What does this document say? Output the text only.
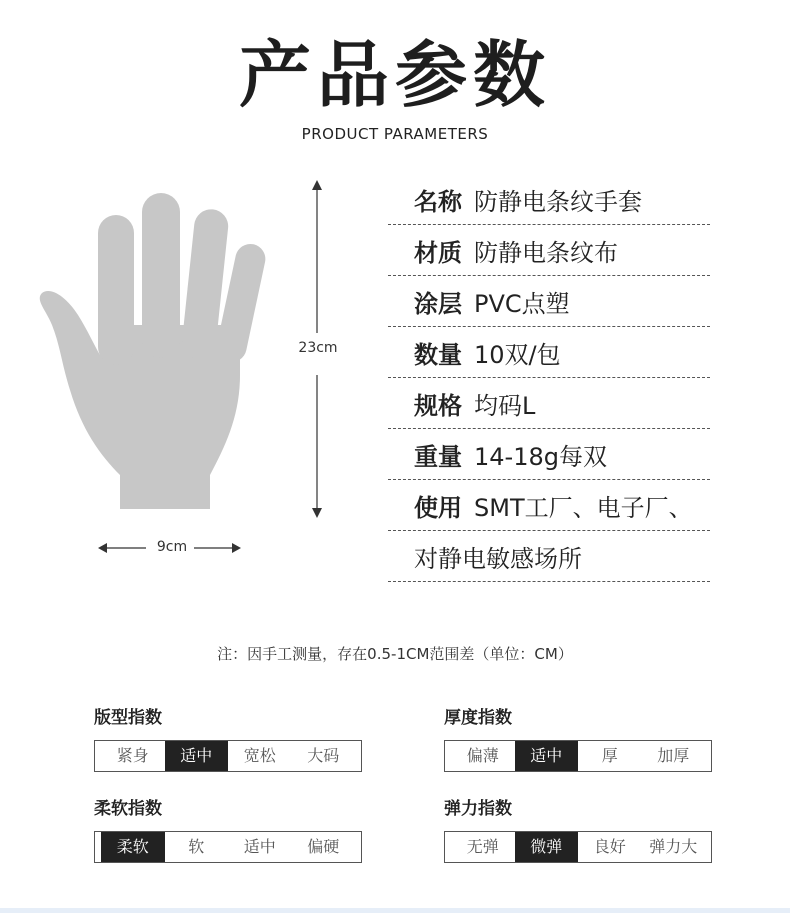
产品参数
PRODUCT PARAMETERS
23cm
9cm
名称 防静电条纹手套
材质 防静电条纹布
涂层 PVC点塑
数量 10双/包
规格 均码L
重量 14-18g每双
使用 SMT工厂、电子厂、
对静电敏感场所
注：因手工测量，存在0.5-1CM范围差（单位：CM）
版型指数
紧身	适中	宽松	大码
厚度指数
偏薄	适中	厚	加厚
柔软指数
柔软	软	适中	偏硬
弹力指数
无弹	微弹	良好	弹力大
